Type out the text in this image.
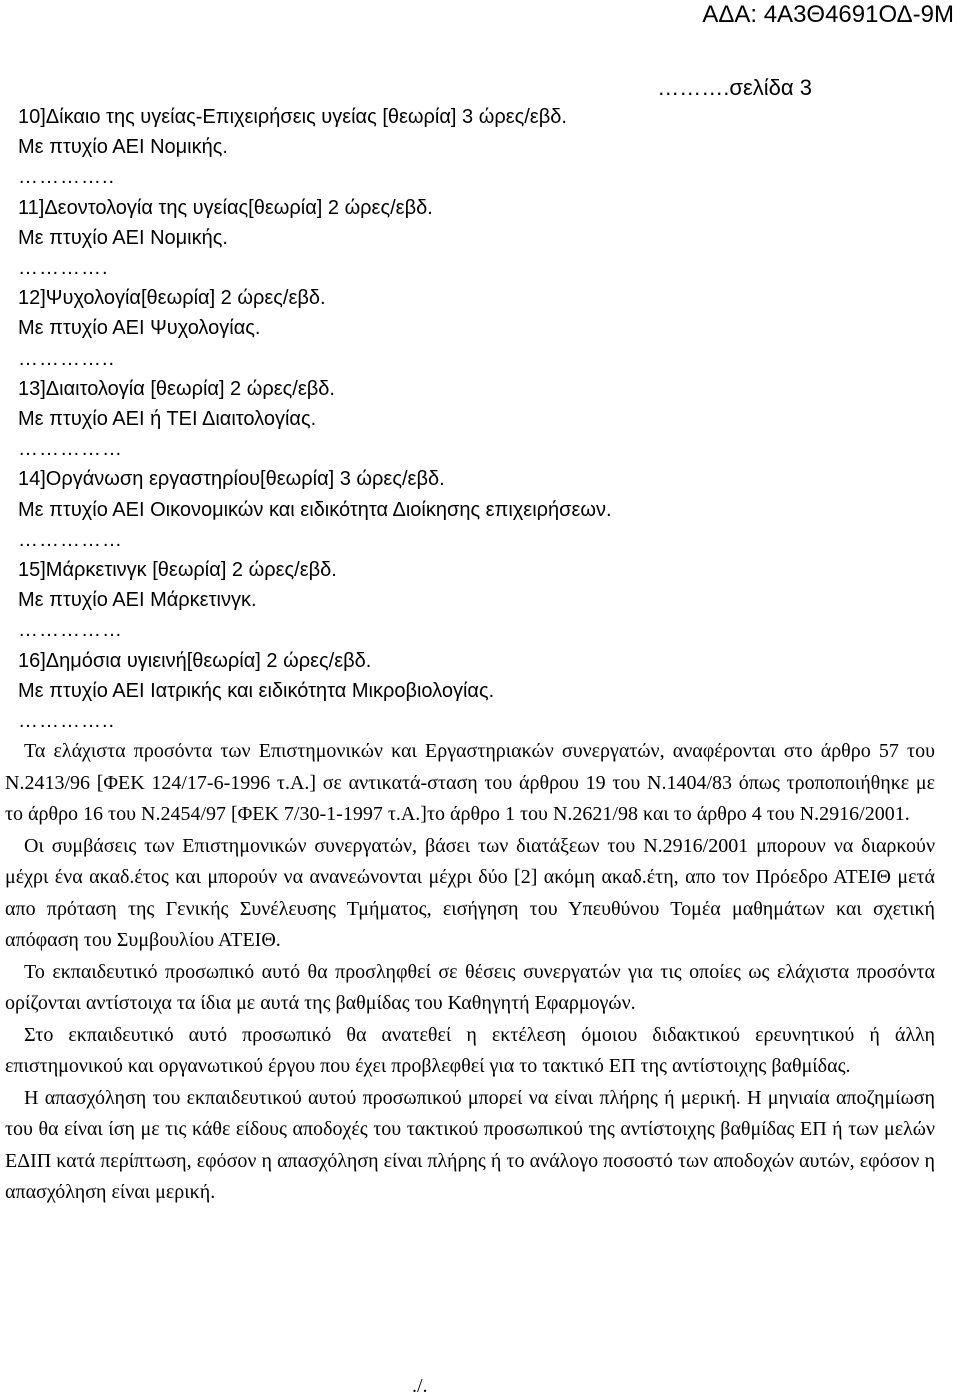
ΑΔΑ: 4Α3Θ4691ΟΔ-9Μ
……….σελίδα 3
10]Δίκαιο της υγείας-Επιχειρήσεις υγείας [θεωρία] 3 ώρες/εβδ.
Με πτυχίο ΑΕΙ Νομικής.
…………..
11]Δεοντολογία της υγείας[θεωρία] 2 ώρες/εβδ.
Με πτυχίο ΑΕΙ Νομικής.
………….
12]Ψυχολογία[θεωρία] 2 ώρες/εβδ.
Με πτυχίο ΑΕΙ Ψυχολογίας.
…………..
13]Διαιτολογία [θεωρία] 2 ώρες/εβδ.
Με πτυχίο ΑΕΙ ή ΤΕΙ Διαιτολογίας.
……………
14]Οργάνωση εργαστηρίου[θεωρία] 3 ώρες/εβδ.
Με πτυχίο ΑΕΙ Οικονομικών και ειδικότητα Διοίκησης επιχειρήσεων.
……………
15]Μάρκετινγκ [θεωρία] 2 ώρες/εβδ.
Με πτυχίο ΑΕΙ Μάρκετινγκ.
……………
16]Δημόσια υγιεινή[θεωρία] 2 ώρες/εβδ.
Με πτυχίο ΑΕΙ Ιατρικής και ειδικότητα Μικροβιολογίας.
…………..

Τα ελάχιστα προσόντα των Επιστημονικών και Εργαστηριακών συνεργατών, αναφέρονται στο άρθρο 57 του Ν.2413/96 [ΦΕΚ 124/17-6-1996 τ.Α.] σε αντικατά-σταση του άρθρου 19 του Ν.1404/83 όπως τροποποιήθηκε με το άρθρο 16 του Ν.2454/97 [ΦΕΚ 7/30-1-1997 τ.Α.]το άρθρο 1 του Ν.2621/98 και το άρθρο 4 του Ν.2916/2001.

Οι συμβάσεις των Επιστημονικών συνεργατών, βάσει των διατάξεων του Ν.2916/2001 μπορουν να διαρκούν μέχρι ένα ακαδ.έτος και μπορούν να ανανεώνονται μέχρι δύο [2] ακόμη ακαδ.έτη, απο τον Πρόεδρο ΑΤΕΙΘ μετά απο πρόταση της Γενικής Συνέλευσης Τμήματος, εισήγηση του Υπευθύνου Τομέα μαθημάτων και σχετική απόφαση του Συμβουλίου ΑΤΕΙΘ.

Το εκπαιδευτικό προσωπικό αυτό θα προσληφθεί σε θέσεις συνεργατών για τις οποίες ως ελάχιστα προσόντα ορίζονται αντίστοιχα τα ίδια με αυτά της βαθμίδας του Καθηγητή Εφαρμογών.

Στο εκπαιδευτικό αυτό προσωπικό θα ανατεθεί η εκτέλεση όμοιου διδακτικού ερευνητικού ή άλλη επιστημονικού και οργανωτικού έργου που έχει προβλεφθεί για το τακτικό ΕΠ της αντίστοιχης βαθμίδας.

Η απασχόληση του εκπαιδευτικού αυτού προσωπικού μπορεί να είναι πλήρης ή μερική. Η μηνιαία αποζημίωση του θα είναι ίση με τις κάθε είδους αποδοχές του τακτικού προσωπικού της αντίστοιχης βαθμίδας ΕΠ ή των μελών ΕΔΙΠ κατά περίπτωση, εφόσον η απασχόληση είναι πλήρης ή το ανάλογο ποσοστό των αποδοχών αυτών, εφόσον η απασχόληση είναι μερική.

./.
